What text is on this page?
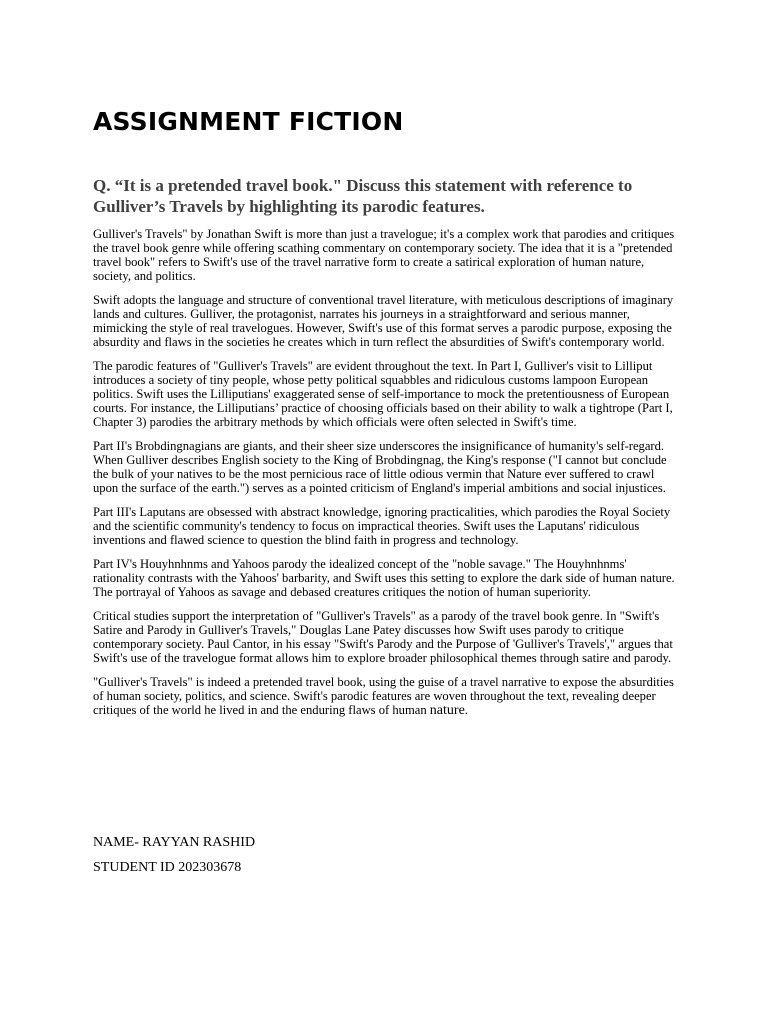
ASSIGNMENT FICTION
Q. “It is a pretended travel book." Discuss this statement with reference to Gulliver’s Travels by highlighting its parodic features.

Gulliver's Travels" by Jonathan Swift is more than just a travelogue; it's a complex work that parodies and critiques the travel book genre while offering scathing commentary on contemporary society. The idea that it is a "pretended travel book" refers to Swift's use of the travel narrative form to create a satirical exploration of human nature, society, and politics.

Swift adopts the language and structure of conventional travel literature, with meticulous descriptions of imaginary lands and cultures. Gulliver, the protagonist, narrates his journeys in a straightforward and serious manner, mimicking the style of real travelogues. However, Swift's use of this format serves a parodic purpose, exposing the absurdity and flaws in the societies he creates which in turn reflect the absurdities of Swift's contemporary world.

The parodic features of "Gulliver's Travels" are evident throughout the text. In Part I, Gulliver's visit to Lilliput introduces a society of tiny people, whose petty political squabbles and ridiculous customs lampoon European politics. Swift uses the Lilliputians' exaggerated sense of self-importance to mock the pretentiousness of European courts. For instance, the Lilliputians’ practice of choosing officials based on their ability to walk a tightrope (Part I, Chapter 3) parodies the arbitrary methods by which officials were often selected in Swift's time.

Part II's Brobdingnagians are giants, and their sheer size underscores the insignificance of humanity's self-regard. When Gulliver describes English society to the King of Brobdingnag, the King's response ("I cannot but conclude the bulk of your natives to be the most pernicious race of little odious vermin that Nature ever suffered to crawl upon the surface of the earth.") serves as a pointed criticism of England's imperial ambitions and social injustices.

Part III's Laputans are obsessed with abstract knowledge, ignoring practicalities, which parodies the Royal Society and the scientific community's tendency to focus on impractical theories. Swift uses the Laputans' ridiculous inventions and flawed science to question the blind faith in progress and technology.

Part IV's Houyhnhnms and Yahoos parody the idealized concept of the "noble savage." The Houyhnhnms' rationality contrasts with the Yahoos' barbarity, and Swift uses this setting to explore the dark side of human nature. The portrayal of Yahoos as savage and debased creatures critiques the notion of human superiority.

Critical studies support the interpretation of "Gulliver's Travels" as a parody of the travel book genre. In "Swift's Satire and Parody in Gulliver's Travels," Douglas Lane Patey discusses how Swift uses parody to critique contemporary society. Paul Cantor, in his essay "Swift's Parody and the Purpose of 'Gulliver's Travels'," argues that Swift's use of the travelogue format allows him to explore broader philosophical themes through satire and parody.

"Gulliver's Travels" is indeed a pretended travel book, using the guise of a travel narrative to expose the absurdities of human society, politics, and science. Swift's parodic features are woven throughout the text, revealing deeper critiques of the world he lived in and the enduring flaws of human nature.

NAME- RAYYAN RASHID

STUDENT ID 202303678
